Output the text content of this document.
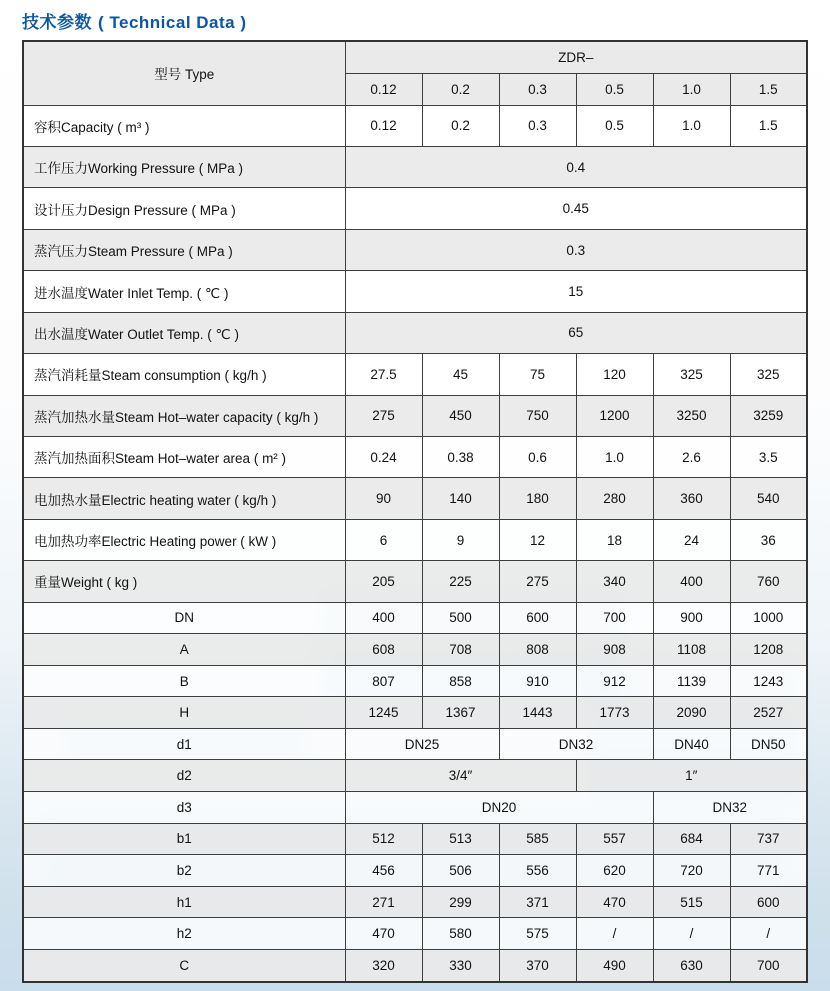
技术参数 ( Technical Data )
型号 Type	ZDR–					
	0.12	0.2	0.3	0.5	1.0	1.5
容积Capacity ( m³ )	0.12	0.2	0.3	0.5	1.0	1.5
工作压力Working Pressure ( MPa )	0.4					
设计压力Design Pressure ( MPa )	0.45					
蒸汽压力Steam Pressure ( MPa )	0.3					
进水温度Water Inlet Temp. ( ℃ )	15					
出水温度Water Outlet Temp. ( ℃ )	65					
蒸汽消耗量Steam consumption ( kg/h )	27.5	45	75	120	325	325
蒸汽加热水量Steam Hot–water capacity ( kg/h )	275	450	750	1200	3250	3259
蒸汽加热面积Steam Hot–water area ( m² )	0.24	0.38	0.6	1.0	2.6	3.5
电加热水量Electric heating water ( kg/h )	90	140	180	280	360	540
电加热功率Electric Heating power ( kW )	6	9	12	18	24	36
重量Weight ( kg )	205	225	275	340	400	760
DN	400	500	600	700	900	1000
A	608	708	808	908	1108	1208
B	807	858	910	912	1139	1243
H	1245	1367	1443	1773	2090	2527
d1	DN25		DN32		DN40	DN50
d2	3/4″			1″		
d3	DN20				DN32	
b1	512	513	585	557	684	737
b2	456	506	556	620	720	771
h1	271	299	371	470	515	600
h2	470	580	575	/	/	/
C	320	330	370	490	630	700
